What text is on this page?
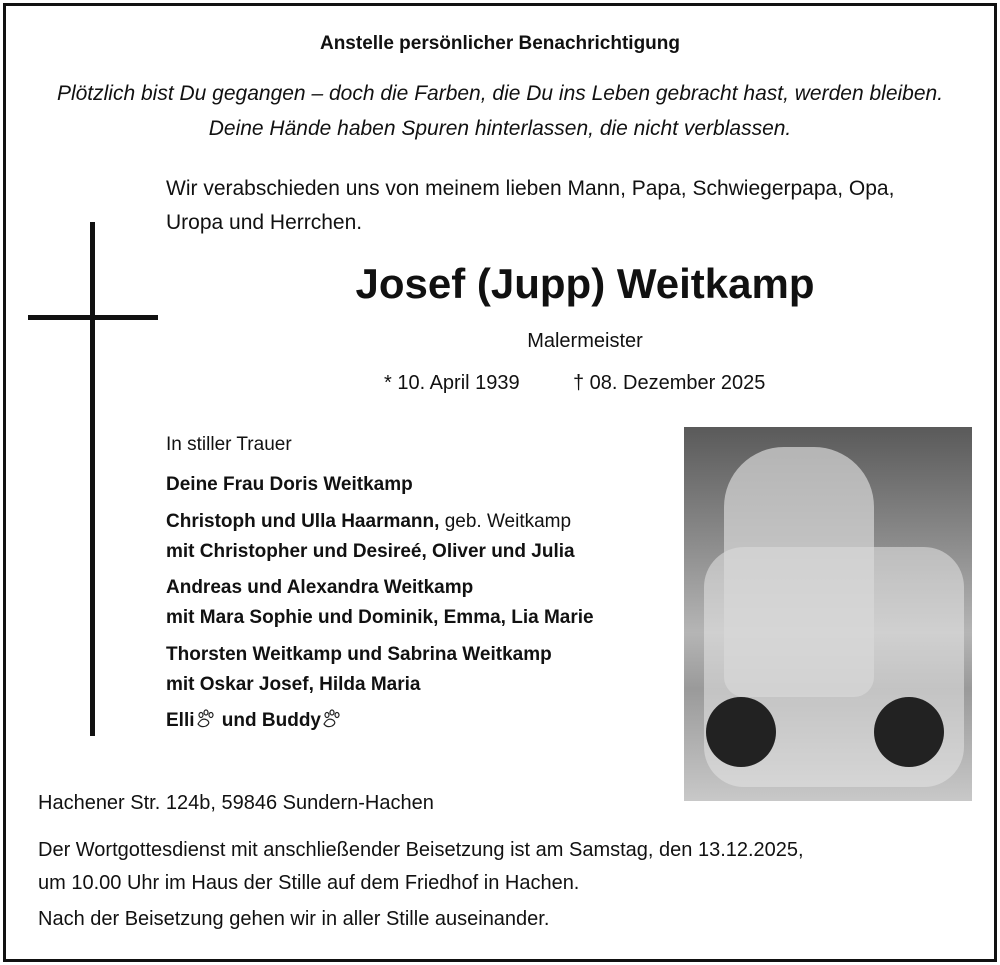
Anstelle persönlicher Benachrichtigung
Plötzlich bist Du gegangen – doch die Farben, die Du ins Leben gebracht hast, werden bleiben.
Deine Hände haben Spuren hinterlassen, die nicht verblassen.
Wir verabschieden uns von meinem lieben Mann, Papa, Schwiegerpapa, Opa,
Uropa und Herrchen.
Josef (Jupp) Weitkamp
Malermeister
* 10. April 1939	† 08. Dezember 2025
In stiller Trauer
Deine Frau Doris Weitkamp
Christoph und Ulla Haarmann, geb. Weitkamp
mit Christopher und Desireé, Oliver und Julia
Andreas und Alexandra Weitkamp
mit Mara Sophie und Dominik, Emma, Lia Marie
Thorsten Weitkamp und Sabrina Weitkamp
mit Oskar Josef, Hilda Maria
Elli und Buddy
Hachener Str. 124b, 59846 Sundern-Hachen
Der Wortgottesdienst mit anschließender Beisetzung ist am Samstag, den 13.12.2025,
um 10.00 Uhr im Haus der Stille auf dem Friedhof in Hachen.
Nach der Beisetzung gehen wir in aller Stille auseinander.
